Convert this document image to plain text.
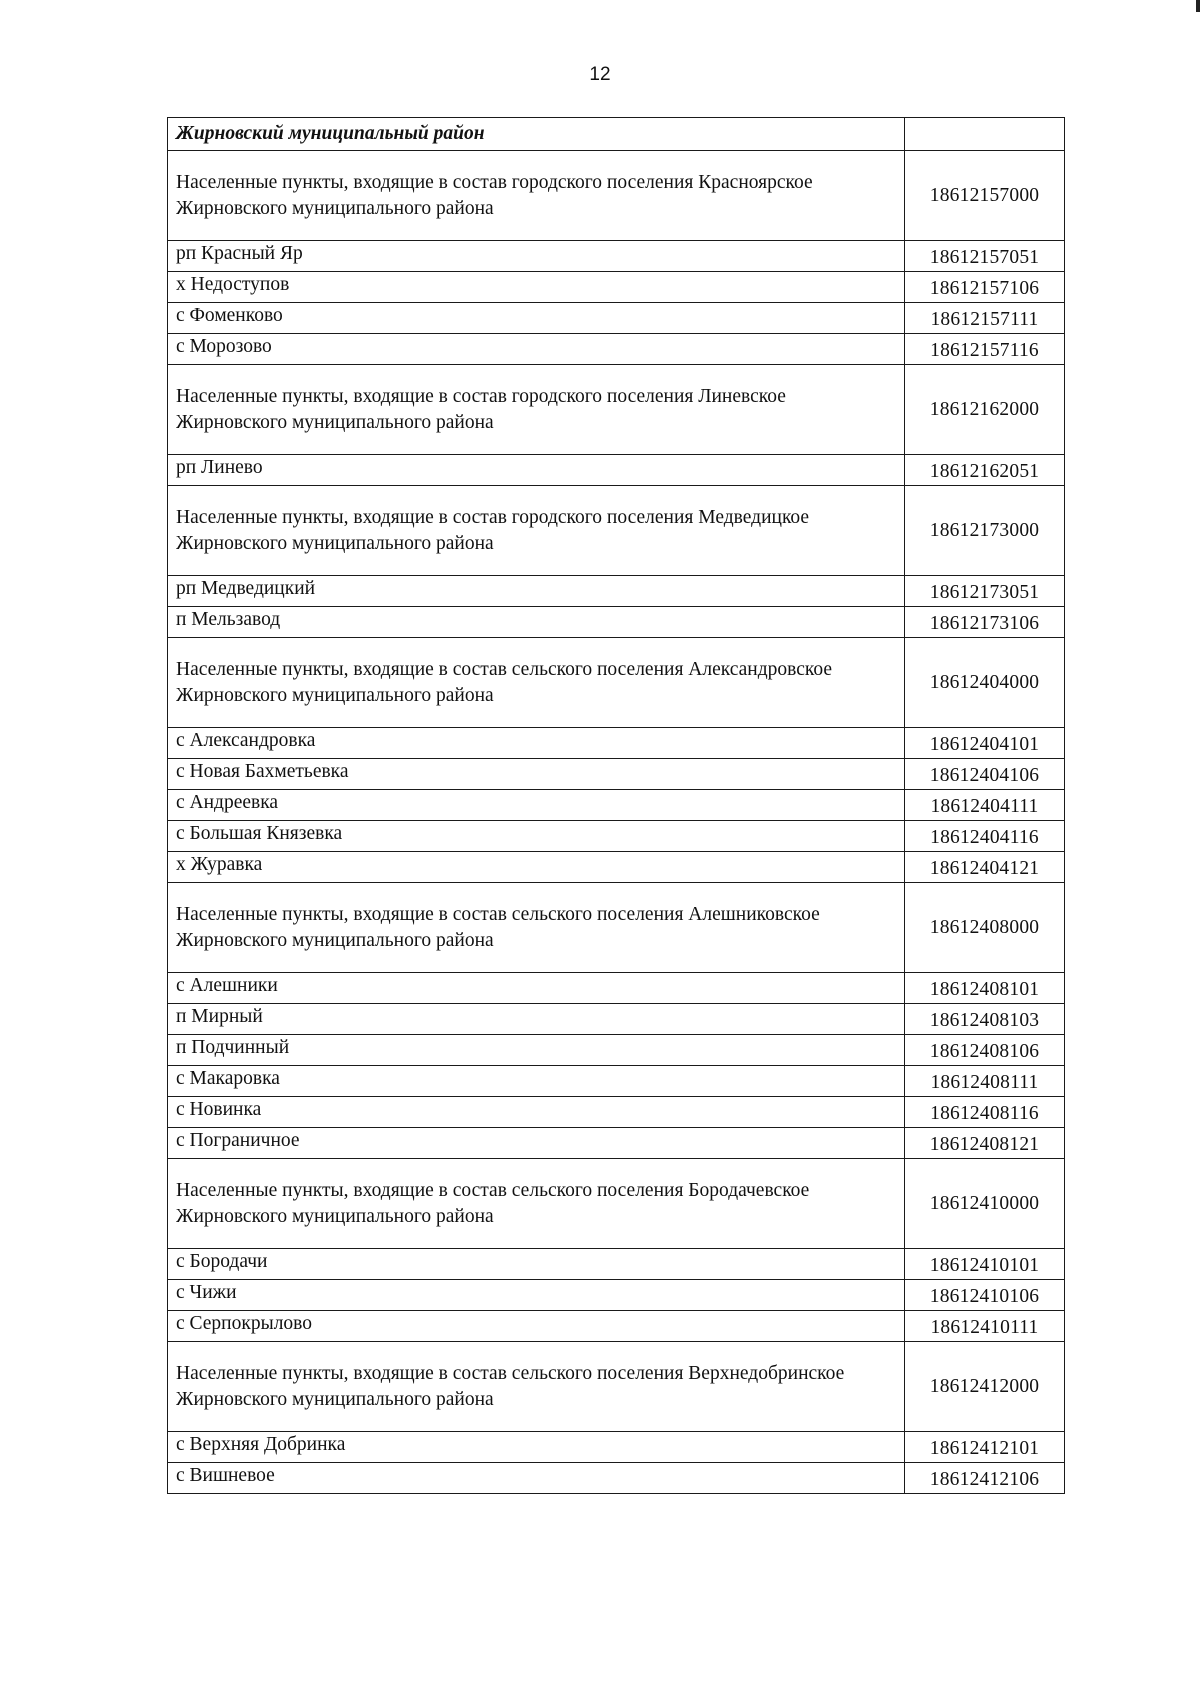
12
Жирновский муниципальный район	
Населенные пункты, входящие в состав городского поселения Красноярское Жирновского муниципального района	18612157000
рп Красный Яр	18612157051
х Недоступов	18612157106
с Фоменково	18612157111
с Морозово	18612157116
Населенные пункты, входящие в состав городского поселения Линевское Жирновского муниципального района	18612162000
рп Линево	18612162051
Населенные пункты, входящие в состав городского поселения Медведицкое Жирновского муниципального района	18612173000
рп Медведицкий	18612173051
п Мельзавод	18612173106
Населенные пункты, входящие в состав сельского поселения Александровское Жирновского муниципального района	18612404000
с Александровка	18612404101
с Новая Бахметьевка	18612404106
с Андреевка	18612404111
с Большая Князевка	18612404116
х Журавка	18612404121
Населенные пункты, входящие в состав сельского поселения Алешниковское Жирновского муниципального района	18612408000
с Алешники	18612408101
п Мирный	18612408103
п Подчинный	18612408106
с Макаровка	18612408111
с Новинка	18612408116
с Пограничное	18612408121
Населенные пункты, входящие в состав сельского поселения Бородачевское Жирновского муниципального района	18612410000
с Бородачи	18612410101
с Чижи	18612410106
с Серпокрылово	18612410111
Населенные пункты, входящие в состав сельского поселения Верхнедобринское Жирновского муниципального района	18612412000
с Верхняя Добринка	18612412101
с Вишневое	18612412106
